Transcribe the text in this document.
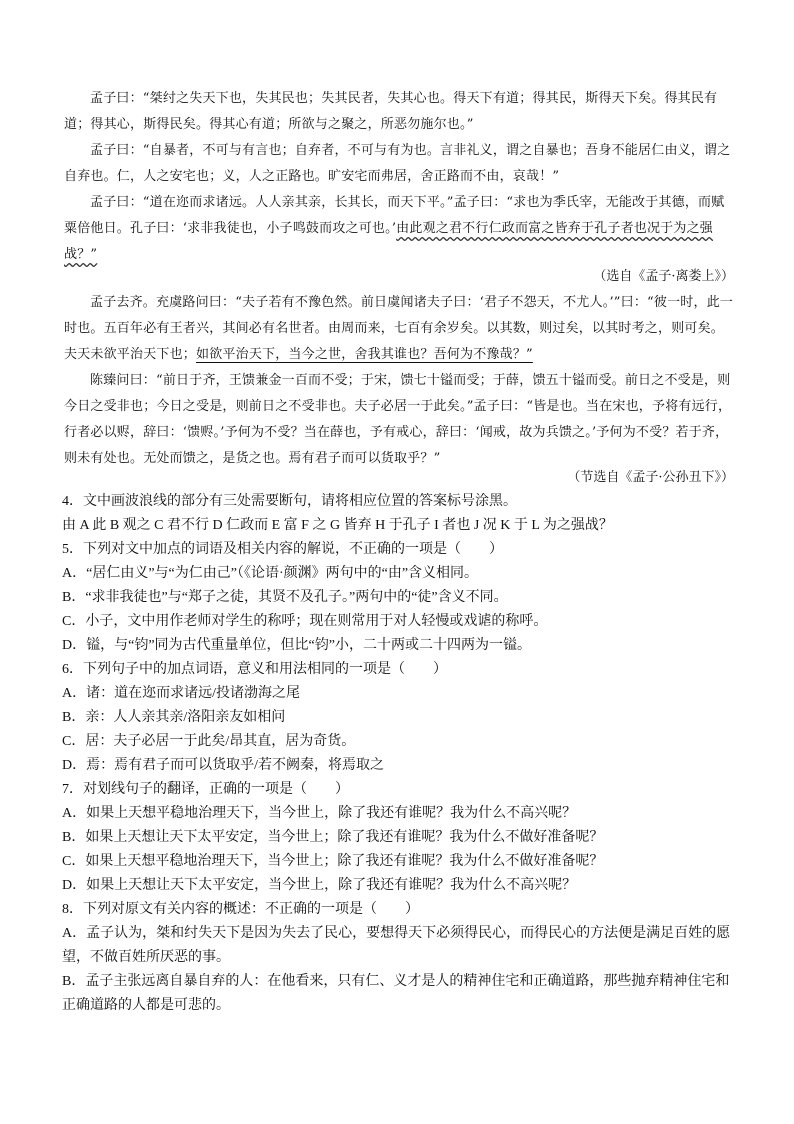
孟子曰：“桀纣之失天下也，失其民也；失其民者，失其心也。得天下有道；得其民，斯得天下矣。得其民有道；得其心，斯得民矣。得其心有道；所欲与之聚之，所恶勿施尔也。”

孟子曰：“自暴者，不可与有言也；自弃者，不可与有为也。言非礼义，谓之自暴也；吾身不能居仁由义，谓之自弃也。仁，人之安宅也；义，人之正路也。旷安宅而弗居，舍正路而不由，哀哉！”

孟子曰：“道在迩而求诸远。人人亲其亲，长其长，而天下平。”孟子曰：“求也为季氏宰，无能改于其德，而赋粟倍他日。孔子曰：‘求非我徒也，小子鸣鼓而攻之可也。’由此观之君不行仁政而富之皆弃于孔子者也况于为之强战？”

（选自《孟子·离娄上》）

孟子去齐。充虞路问曰：“夫子若有不豫色然。前日虞闻诸夫子曰：‘君子不怨天，不尤人。’”曰：“彼一时，此一时也。五百年必有王者兴，其间必有名世者。由周而来，七百有余岁矣。以其数，则过矣，以其时考之，则可矣。夫天未欲平治天下也；如欲平治天下，当今之世，舍我其谁也？吾何为不豫哉？”

陈臻问曰：“前日于齐，王馈兼金一百而不受；于宋，馈七十镒而受；于薛，馈五十镒而受。前日之不受是，则今日之受非也；今日之受是，则前日之不受非也。夫子必居一于此矣。”孟子曰：“皆是也。当在宋也，予将有远行，行者必以赆，辞曰：‘馈赆。’予何为不受？当在薛也，予有戒心，辞曰：‘闻戒，故为兵馈之。’予何为不受？若于齐，则未有处也。无处而馈之，是货之也。焉有君子而可以货取乎？”

（节选自《孟子·公孙丑下》）
4．文中画波浪线的部分有三处需要断句，请将相应位置的答案标号涂黑。
由 A 此 B 观之 C 君不行 D 仁政而 E 富 F 之 G 皆弃 H 于孔子 I 者也 J 况 K 于 L 为之强战？
5．下列对文中加点的词语及相关内容的解说，不正确的一项是（　　）
A．“居仁由义”与“为仁由己”（《论语·颜渊》两句中的“由”含义相同。
B．“求非我徒也”与“郑子之徒，其贤不及孔子。”两句中的“徒”含义不同。
C．小子，文中用作老师对学生的称呼；现在则常用于对人轻慢或戏谑的称呼。
D．镒，与“钧”同为古代重量单位，但比“钧”小，二十两或二十四两为一镒。
6．下列句子中的加点词语，意义和用法相同的一项是（　　）
A．诸：道在迩而求诸远/投诸渤海之尾
B．亲：人人亲其亲/洛阳亲友如相问
C．居：夫子必居一于此矣/昂其直，居为奇货。
D．焉：焉有君子而可以货取乎/若不阙秦，将焉取之
7．对划线句子的翻译，正确的一项是（　　）
A．如果上天想平稳地治理天下，当今世上，除了我还有谁呢？我为什么不高兴呢？
B．如果上天想让天下太平安定，当今世上；除了我还有谁呢？我为什么不做好准备呢？
C．如果上天想平稳地治理天下，当今世上；除了我还有谁呢？我为什么不做好准备呢？
D．如果上天想让天下太平安定，当今世上，除了我还有谁呢？我为什么不高兴呢？
8．下列对原文有关内容的概述：不正确的一项是（　　）
A．孟子认为，桀和纣失天下是因为失去了民心，要想得天下必须得民心，而得民心的方法便是满足百姓的愿望，不做百姓所厌恶的事。
B．孟子主张远离自暴自弃的人：在他看来，只有仁、义才是人的精神住宅和正确道路，那些抛弃精神住宅和正确道路的人都是可悲的。
